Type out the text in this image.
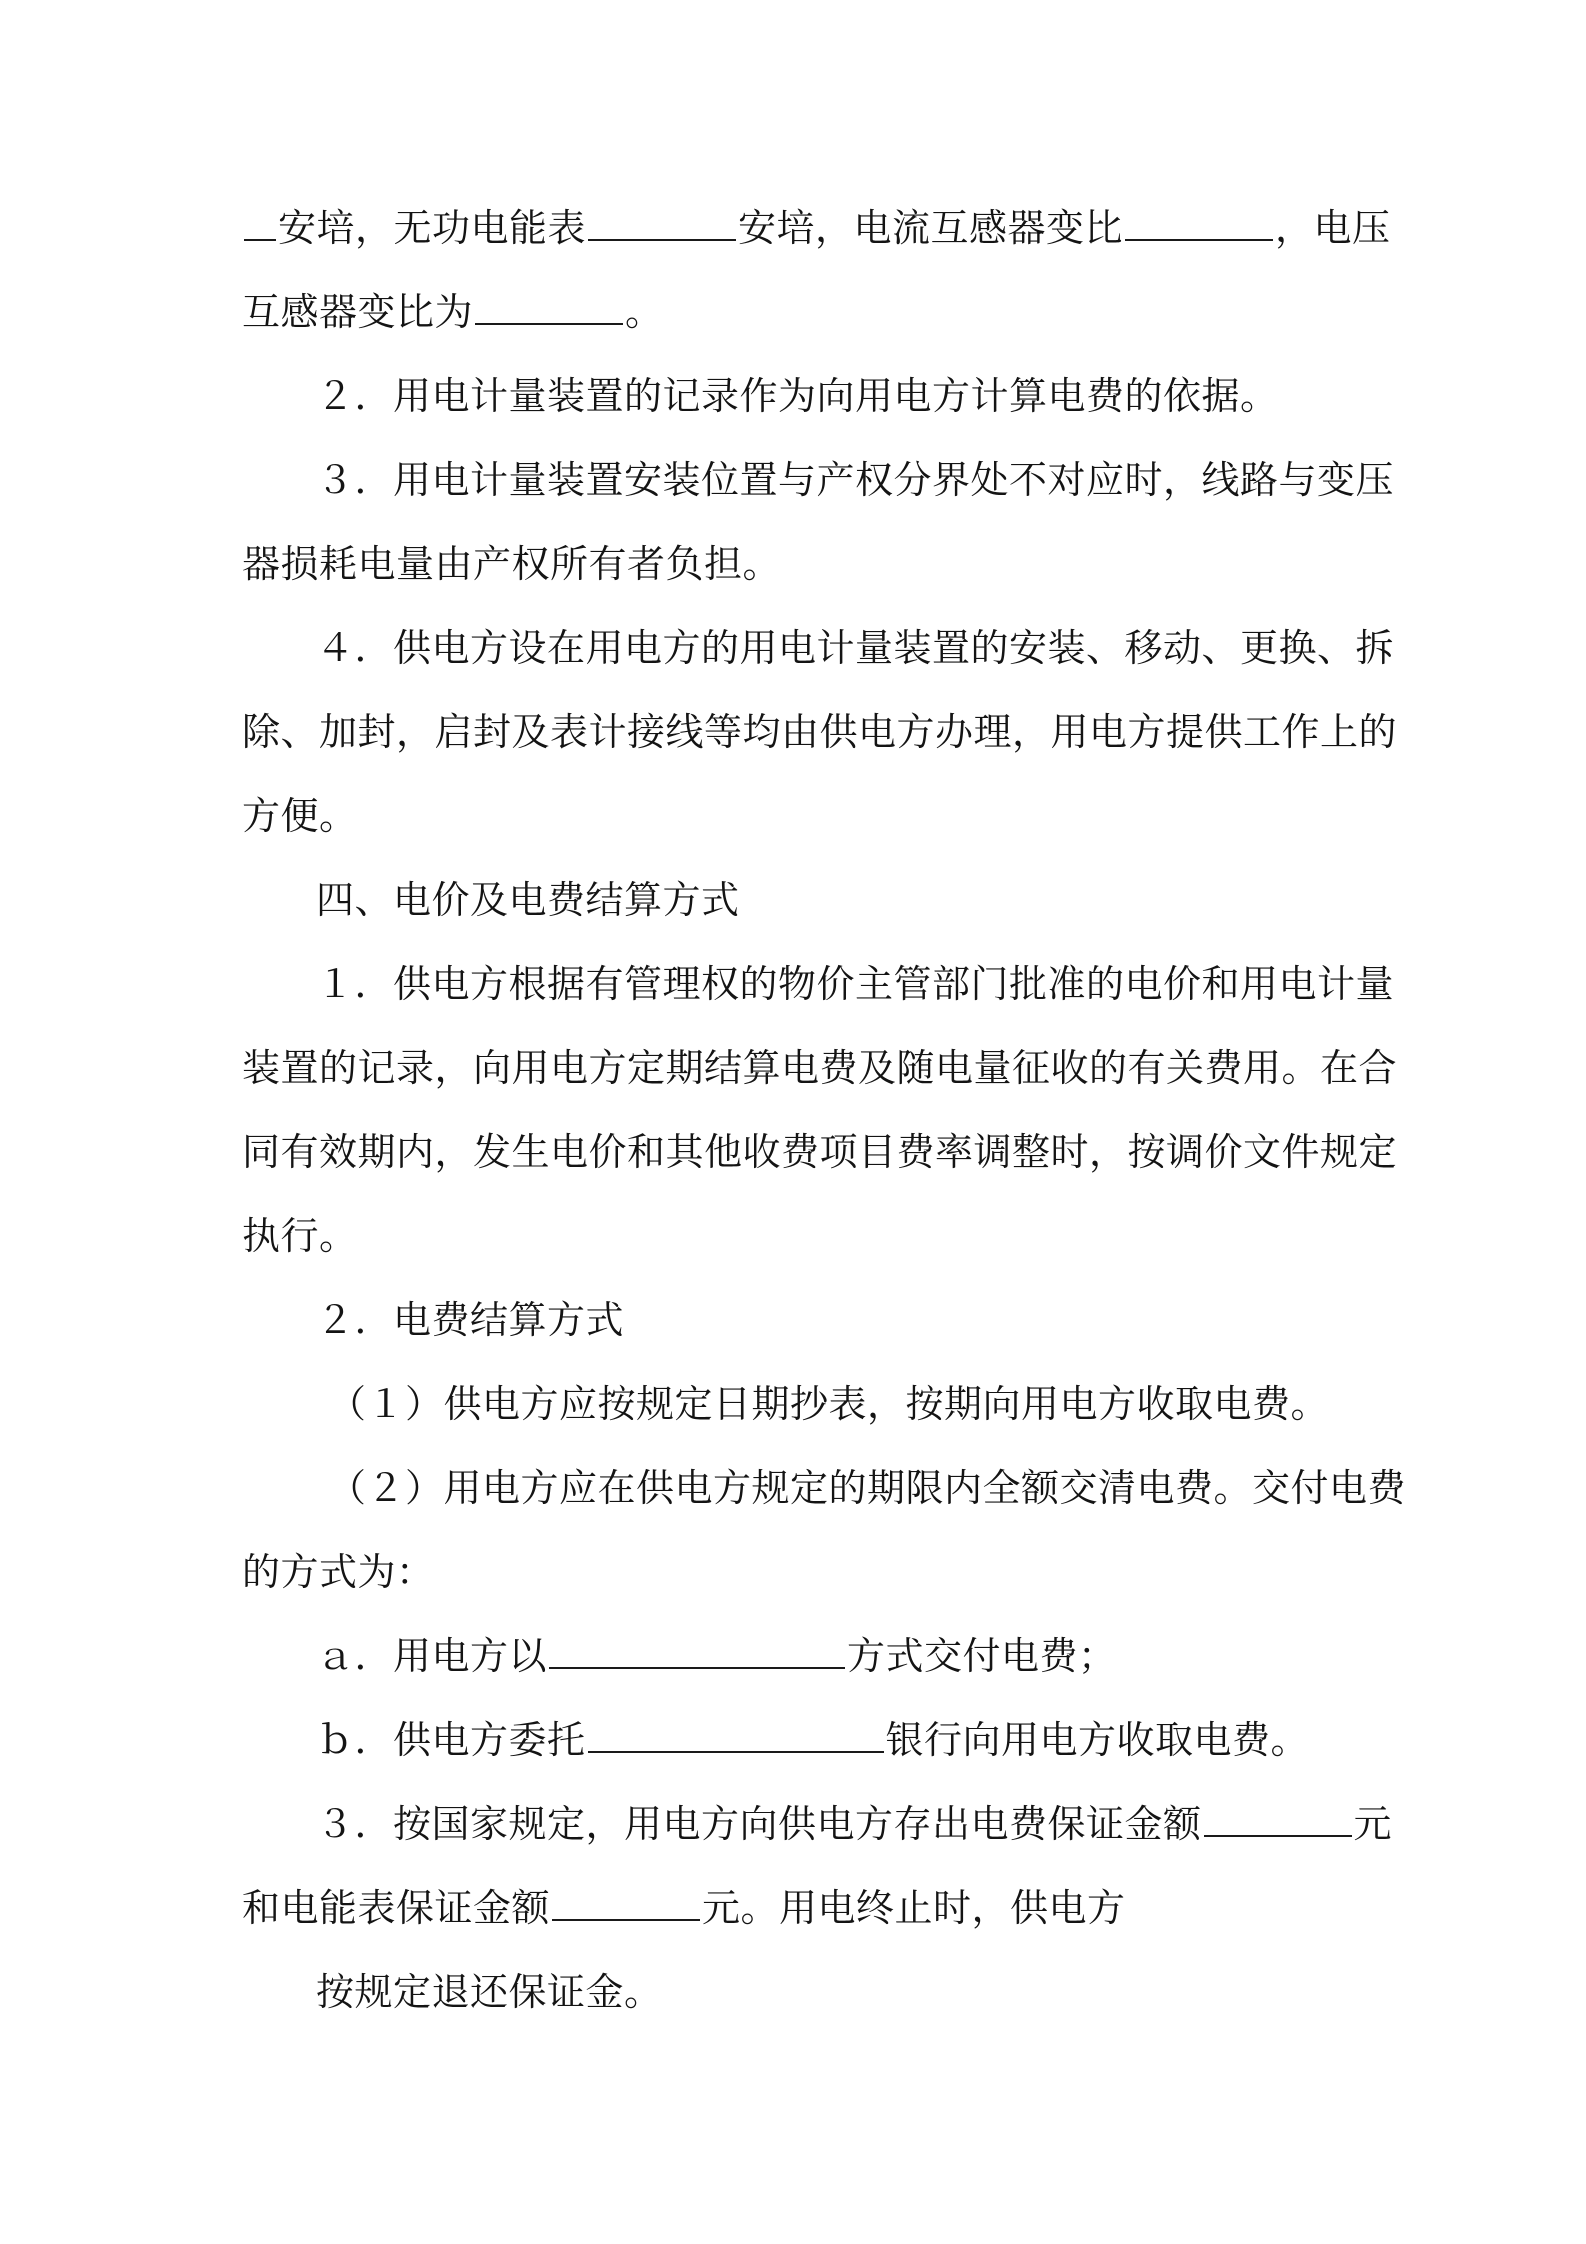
安培，无功电能表	安培，电流互感器变比	，电压

互感器变比为	。

２．用电计量装置的记录作为向用电方计算电费的依据。

３．用电计量装置安装位置与产权分界处不对应时，线路与变压

器损耗电量由产权所有者负担。

４．供电方设在用电方的用电计量装置的安装、移动、更换、拆

除、加封，启封及表计接线等均由供电方办理，用电方提供工作上的

方便。

四、电价及电费结算方式

１．供电方根据有管理权的物价主管部门批准的电价和用电计量

装置的记录，向用电方定期结算电费及随电量征收的有关费用。在合

同有效期内，发生电价和其他收费项目费率调整时，按调价文件规定

执行。

２．电费结算方式

（１）供电方应按规定日期抄表，按期向用电方收取电费。

（２）用电方应在供电方规定的期限内全额交清电费。交付电费

的方式为：

ａ．用电方以	方式交付电费；

ｂ．供电方委托	银行向用电方收取电费。

３．按国家规定，用电方向供电方存出电费保证金额	元

和电能表保证金额	元。用电终止时，供电方

按规定退还保证金。
